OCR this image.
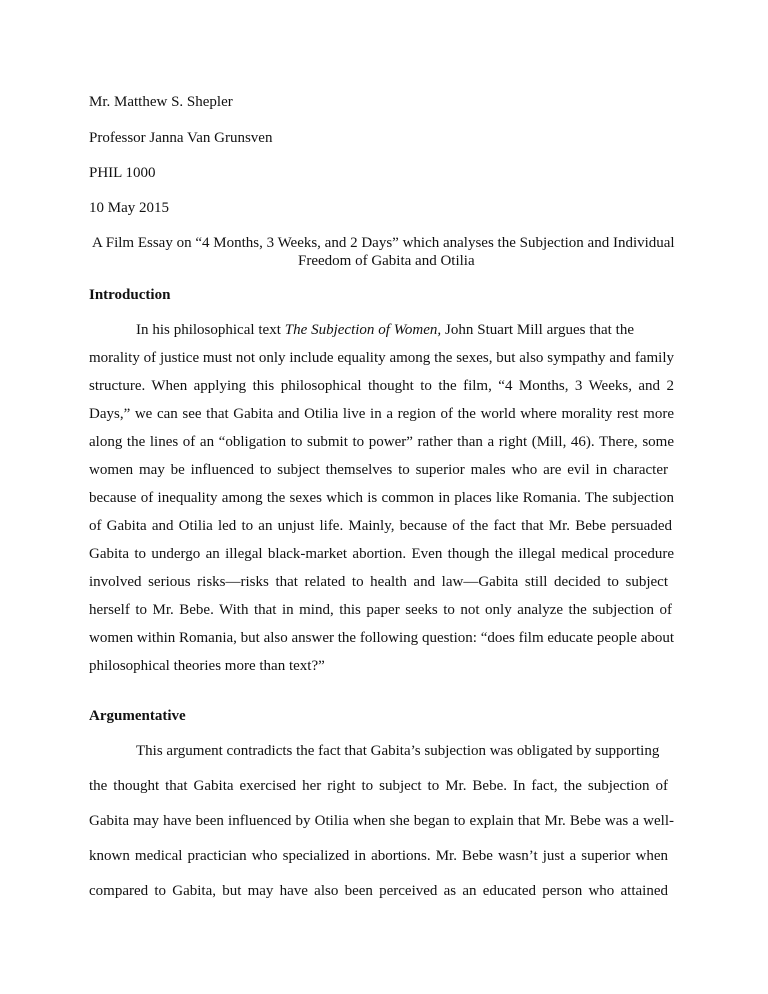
Mr. Matthew S. Shepler
Professor Janna Van Grunsven
PHIL 1000
10 May 2015
A Film Essay on “4 Months, 3 Weeks, and 2 Days” which analyses the Subjection and Individual
Freedom of Gabita and Otilia
Introduction
In his philosophical text The Subjection of Women, John Stuart Mill argues that the
morality of justice must not only include equality among the sexes, but also sympathy and family
structure. When applying this philosophical thought to the film, “4 Months, 3 Weeks, and 2
Days,” we can see that Gabita and Otilia live in a region of the world where morality rest more
along the lines of an “obligation to submit to power” rather than a right (Mill, 46). There, some
women may be influenced to subject themselves to superior males who are evil in character
because of inequality among the sexes which is common in places like Romania. The subjection
of Gabita and Otilia led to an unjust life. Mainly, because of the fact that Mr. Bebe persuaded
Gabita to undergo an illegal black-market abortion. Even though the illegal medical procedure
involved serious risks—risks that related to health and law—Gabita still decided to subject
herself to Mr. Bebe. With that in mind, this paper seeks to not only analyze the subjection of
women within Romania, but also answer the following question: “does film educate people about
philosophical theories more than text?”
Argumentative
This argument contradicts the fact that Gabita’s subjection was obligated by supporting
the thought that Gabita exercised her right to subject to Mr. Bebe. In fact, the subjection of
Gabita may have been influenced by Otilia when she began to explain that Mr. Bebe was a well-
known medical practician who specialized in abortions. Mr. Bebe wasn’t just a superior when
compared to Gabita, but may have also been perceived as an educated person who attained
